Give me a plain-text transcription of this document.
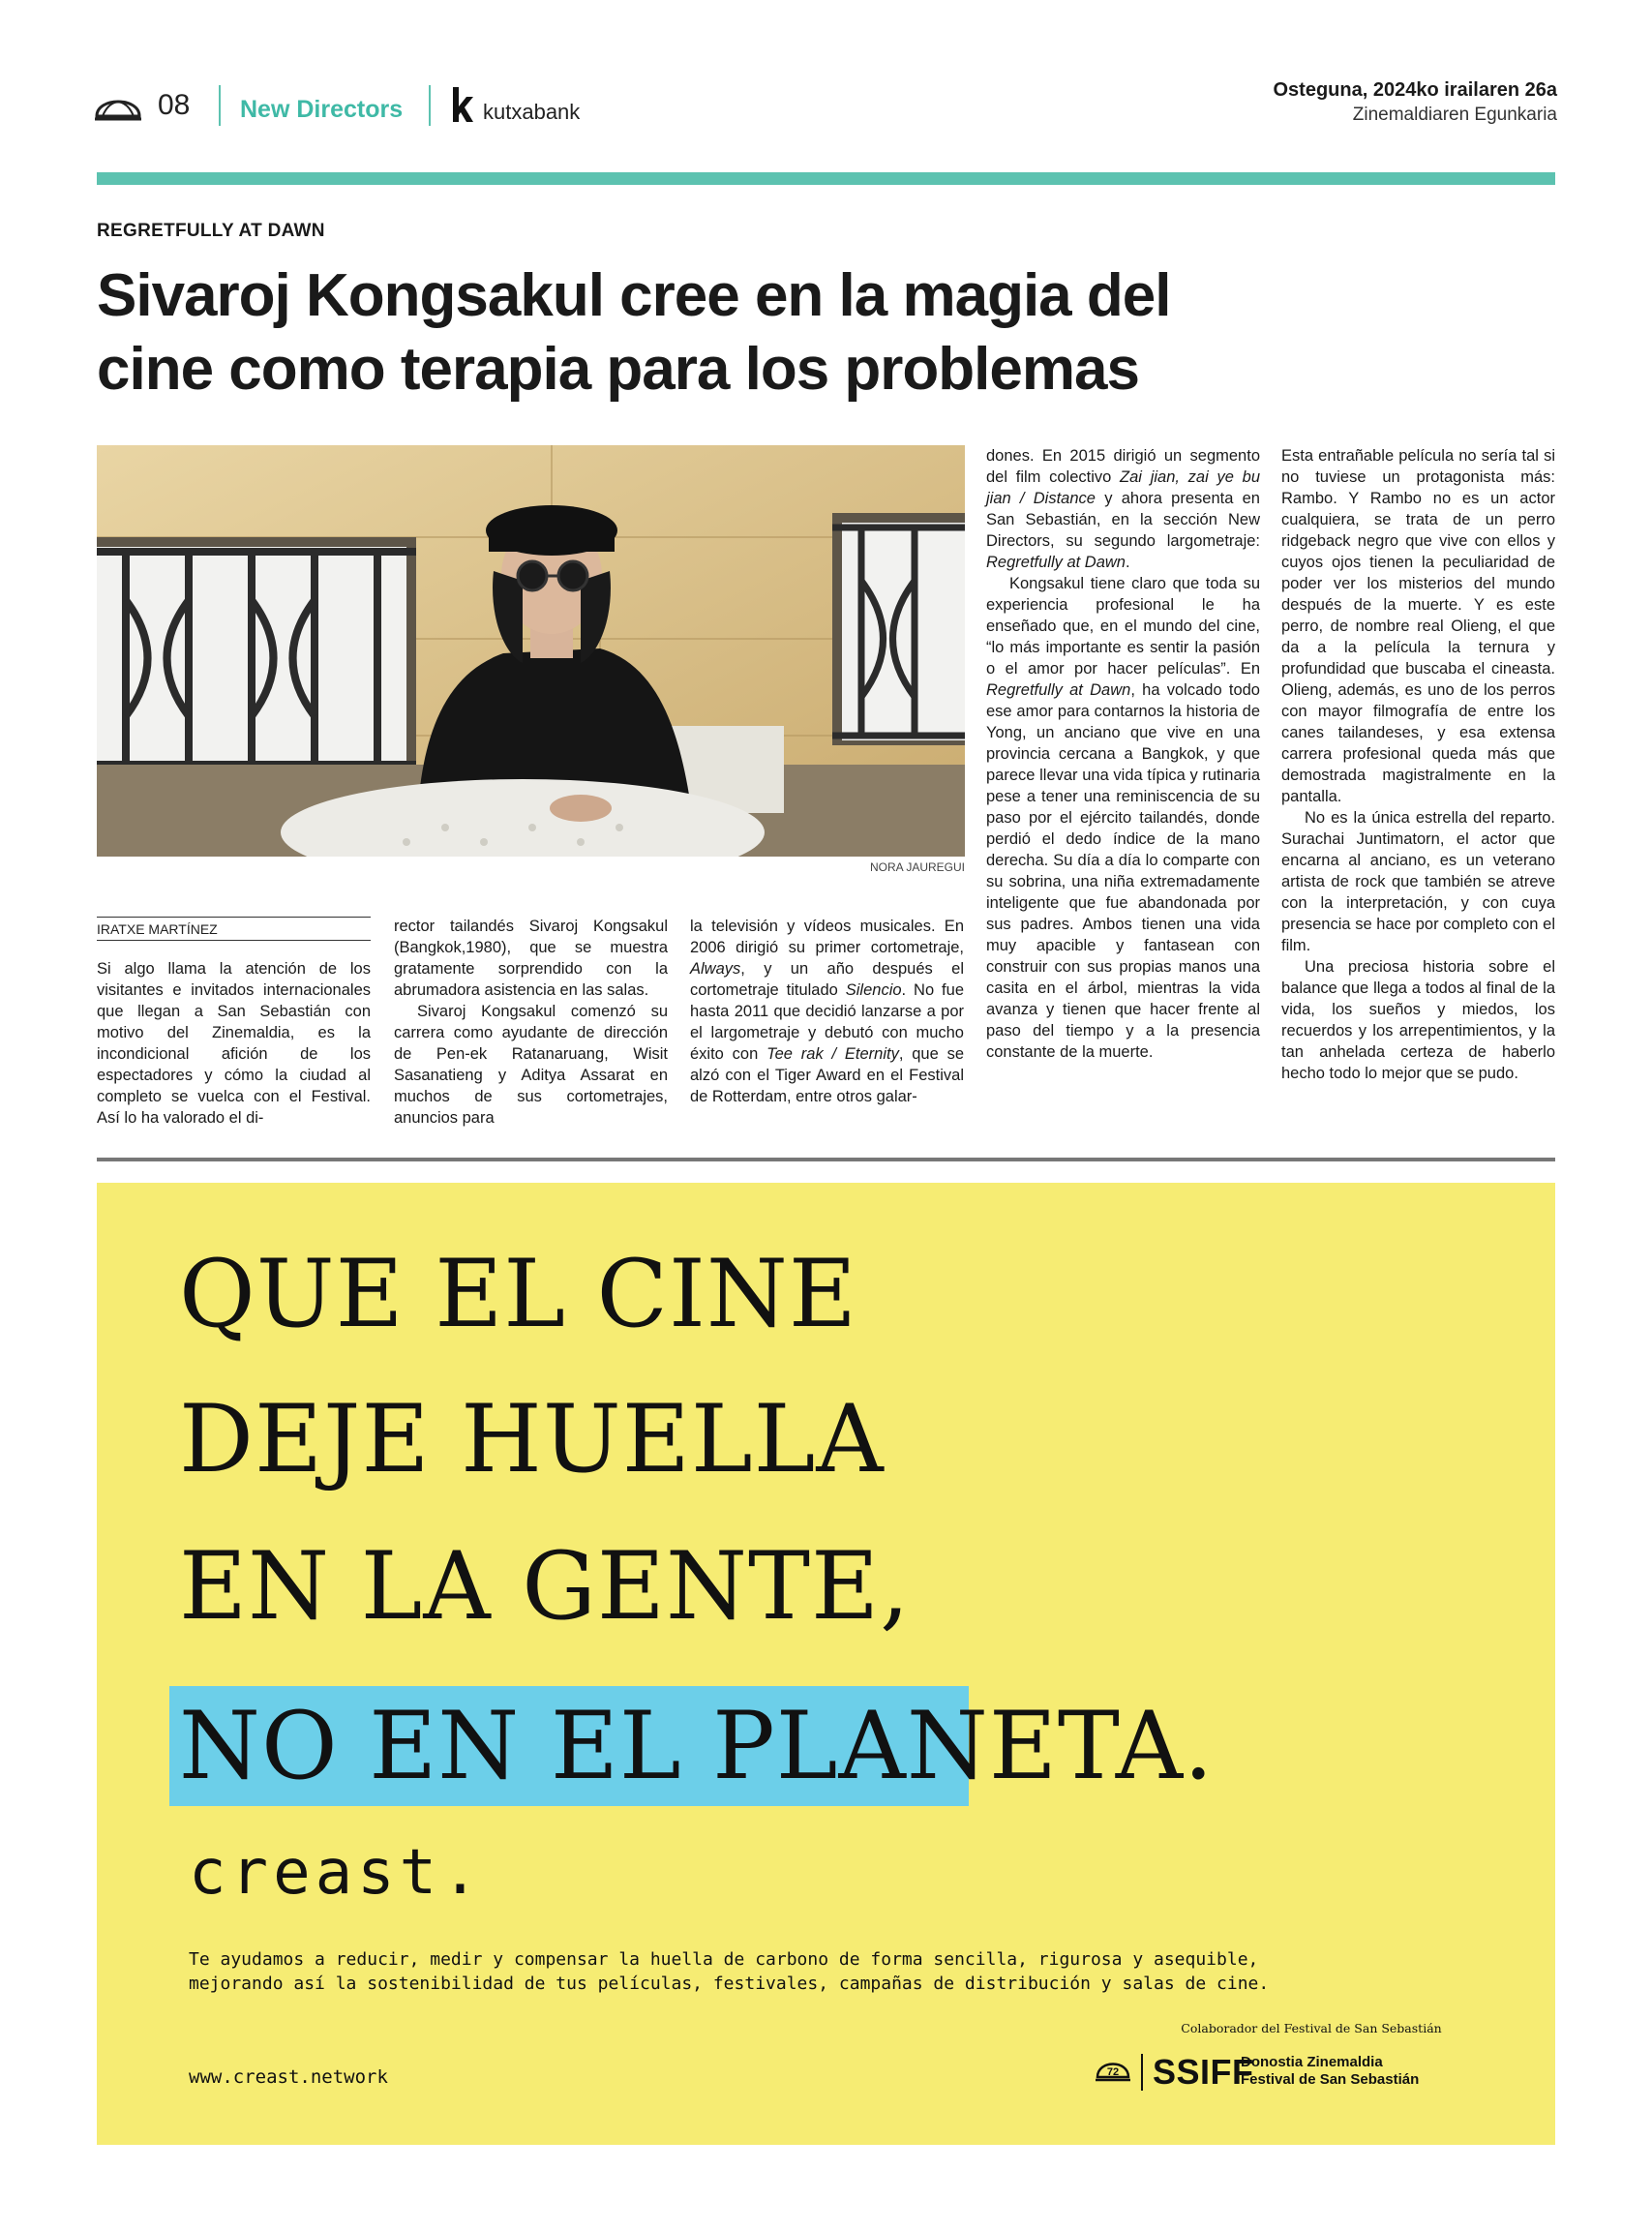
08 New Directors	kutxabank
Osteguna, 2024ko irailaren 26a
Zinemaldiaren Egunkaria
REGRETFULLY AT DAWN
Sivaroj Kongsakul cree en la magia del
cine como terapia para los problemas
NORA JAUREGUI
IRATXE MARTÍNEZ

Si algo llama la atención de los visitantes e invitados internacionales que llegan a San Sebastián con motivo del Zinemaldia, es la incondicional afición de los espectadores y cómo la ciudad al completo se vuelca con el Festival. Así lo ha valorado el di-

rector tailandés Sivaroj Kongsakul (Bangkok,1980), que se muestra gratamente sorprendido con la abrumadora asistencia en las salas.

Sivaroj Kongsakul comenzó su carrera como ayudante de dirección de Pen-ek Ratanaruang, Wisit Sasanatieng y Aditya Assarat en muchos de sus cortometrajes, anuncios para

la televisión y vídeos musicales. En 2006 dirigió su primer cortometraje, Always, y un año después el cortometraje titulado Silencio. No fue hasta 2011 que decidió lanzarse a por el largometraje y debutó con mucho éxito con Tee rak / Eternity, que se alzó con el Tiger Award en el Festival de Rotterdam, entre otros galar-

dones. En 2015 dirigió un segmento del film colectivo Zai jian, zai ye bu jian / Distance y ahora presenta en San Sebastián, en la sección New Directors, su segundo largometraje: Regretfully at Dawn.

Kongsakul tiene claro que toda su experiencia profesional le ha enseñado que, en el mundo del cine, “lo más importante es sentir la pasión o el amor por hacer películas”. En Regretfully at Dawn, ha volcado todo ese amor para contarnos la historia de Yong, un anciano que vive en una provincia cercana a Bangkok, y que parece llevar una vida típica y rutinaria pese a tener una reminiscencia de su paso por el ejército tailandés, donde perdió el dedo índice de la mano derecha. Su día a día lo comparte con su sobrina, una niña extremadamente inteligente que fue abandonada por sus padres. Ambos tienen una vida muy apacible y fantasean con construir con sus propias manos una casita en el árbol, mientras la vida avanza y tienen que hacer frente al paso del tiempo y a la presencia constante de la muerte.

Esta entrañable película no sería tal si no tuviese un protagonista más: Rambo. Y Rambo no es un actor cualquiera, se trata de un perro ridgeback negro que vive con ellos y cuyos ojos tienen la peculiaridad de poder ver los misterios del mundo después de la muerte. Y es este perro, de nombre real Olieng, el que da a la película la ternura y profundidad que buscaba el cineasta. Olieng, además, es uno de los perros con mayor filmografía de entre los canes tailandeses, y esa extensa carrera profesional queda más que demostrada magistralmente en la pantalla.

No es la única estrella del reparto. Surachai Juntimatorn, el actor que encarna al anciano, es un veterano artista de rock que también se atreve con la interpretación, y con cuya presencia se hace por completo con el film.

Una preciosa historia sobre el balance que llega a todos al final de la vida, los sueños y miedos, los recuerdos y los arrepentimientos, y la tan anhelada certeza de haberlo hecho todo lo mejor que se pudo.

QUE EL CINE
DEJE HUELLA
EN LA GENTE,
NO EN EL PLANETA.
creast.
Te ayudamos a reducir, medir y compensar la huella de carbono de forma sencilla, rigurosa y asequible,
mejorando así la sostenibilidad de tus películas, festivales, campañas de distribución y salas de cine.
www.creast.network
Colaborador del Festival de San Sebastián
72 SSIFF
Donostia Zinemaldia
Festival de San Sebastián
